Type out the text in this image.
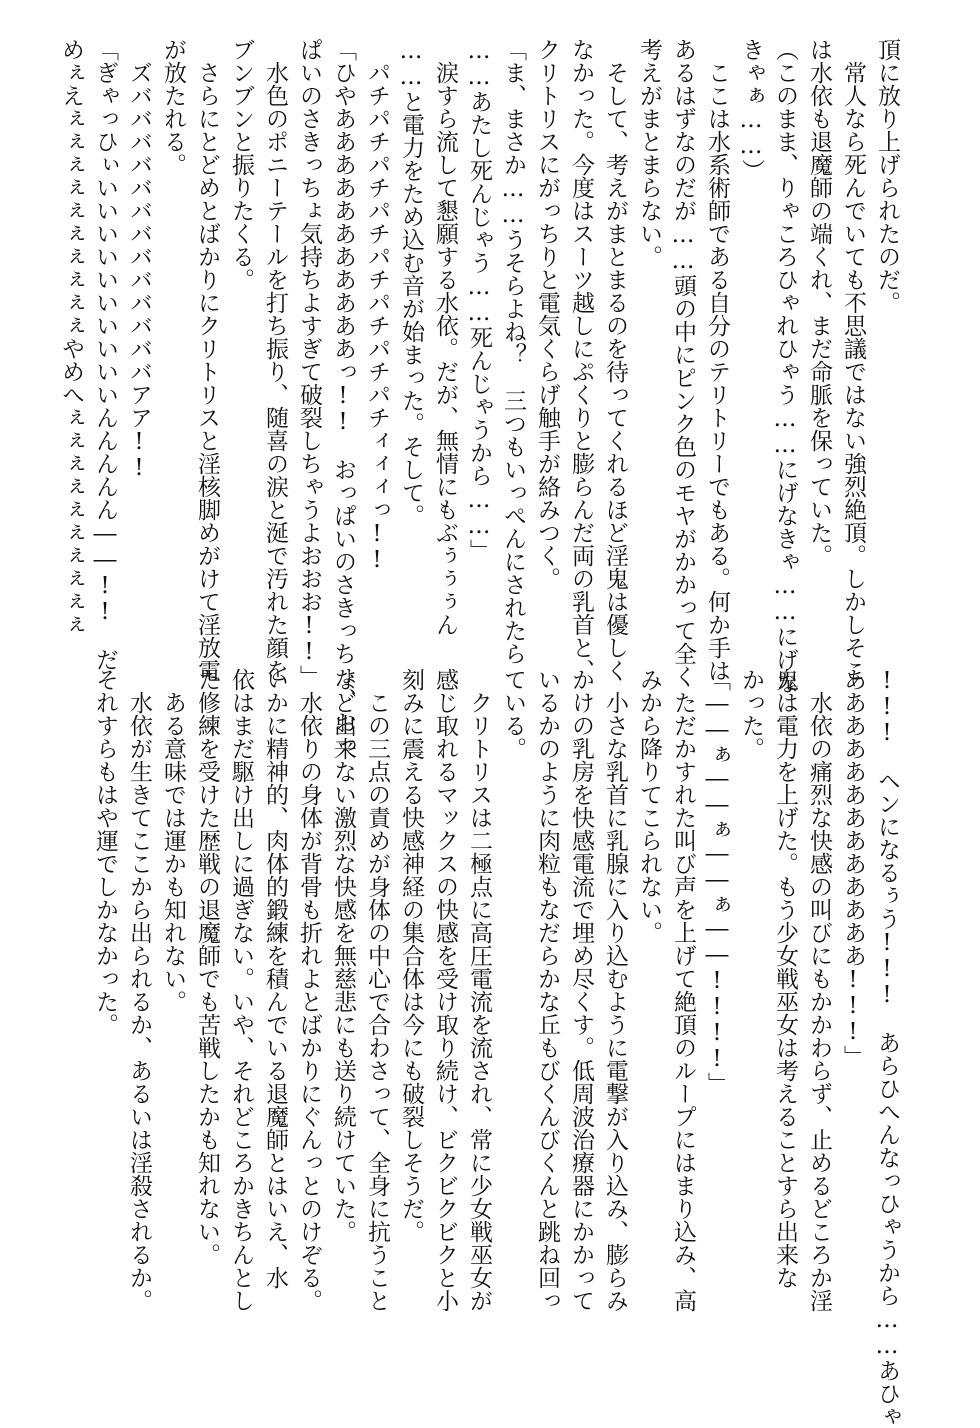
頂に放り上げられたのだ。
　常人なら死んでいても不思議ではない強烈絶頂。しかしそこ
は水依も退魔師の端くれ、まだ命脈を保っていた。
（このまま、りゃころひゃれひゃう……にげなきゃ……にげな
きゃぁ……）
　ここは水系術師である自分のテリトリーでもある。何か手は
あるはずなのだが……頭の中にピンク色のモヤがかかって全く
考えがまとまらない。
　そして、考えがまとまるのを待ってくれるほど淫鬼は優しく
なかった。今度はスーツ越しにぷくりと膨らんだ両の乳首と、
クリトリスにがっちりと電気くらげ触手が絡みつく。
「ま、まさか……うそらよね？　三つもいっぺんにされたら
……あたし死んじゃう……死んじゃうから……」
　涙すら流して懇願する水依。だが、無情にもぶぅぅぅん
……と電力をため込む音が始まった。そして。
　パチパチパチパチパチパチパチパチィィィっ!!
「ひやあああああああああああっ!!　おっぱいのさきっちょ、おっ
ぱいのさきっちょ気持ちよすぎて破裂しちゃうよおおお!!」
　水色のポニーテールを打ち振り、随喜の涙と涎で汚れた顔を
ブンブンと振りたくる。
　さらにとどめとばかりにクリトリスと淫核脚めがけて淫放電
が放たれる。
　ズバババババババババババババアア!!
「ぎゃっひぃいいいいいいいいいいんんんんん――!!　だ
めぇえぇぇぇぇぇぇぇぇぇぇやめへぇぇぇぇぇぇぇぇぇぇ
!!!　ヘンになるぅう!!!　あらひへんなっひゃうから……あひゃ
あああああああああああああ!!!」
　水依の痛烈な快感の叫びにもかかわらず、止めるどころか淫
鬼は電力を上げた。もう少女戦巫女は考えることすら出来な
かった。
「――ぁ――ぁ――ぁ――!!!!」
　ただかすれた叫び声を上げて絶頂のループにはまり込み、高
みから降りてこられない。
　小さな乳首に乳腺に入り込むように電撃が入り込み、膨らみ
かけの乳房を快感電流で埋め尽くす。低周波治療器にかかって
いるかのように肉粒もなだらかな丘もびくんびくんと跳ね回っ
ている。
　クリトリスは二極点に高圧電流を流され、常に少女戦巫女が
感じ取れるマックスの快感を受け取り続け、ビクビクビクと小
刻みに震える快感神経の集合体は今にも破裂しそうだ。
　この三点の責めが身体の中心で合わさって、全身に抗うこと
など出来ない激烈な快感を無慈悲にも送り続けていた。
　水依りの身体が背骨も折れよとばかりにぐんっとのけぞる。
いかに精神的、肉体的鍛練を積んでいる退魔師とはいえ、水
依はまだ駆け出しに過ぎない。いや、それどころかきちんとし
た修練を受けた歴戦の退魔師でも苦戦したかも知れない。
　ある意味では運かも知れない。
　水依が生きてここから出られるか、あるいは淫殺されるか。
それすらもはや運でしかなかった。
